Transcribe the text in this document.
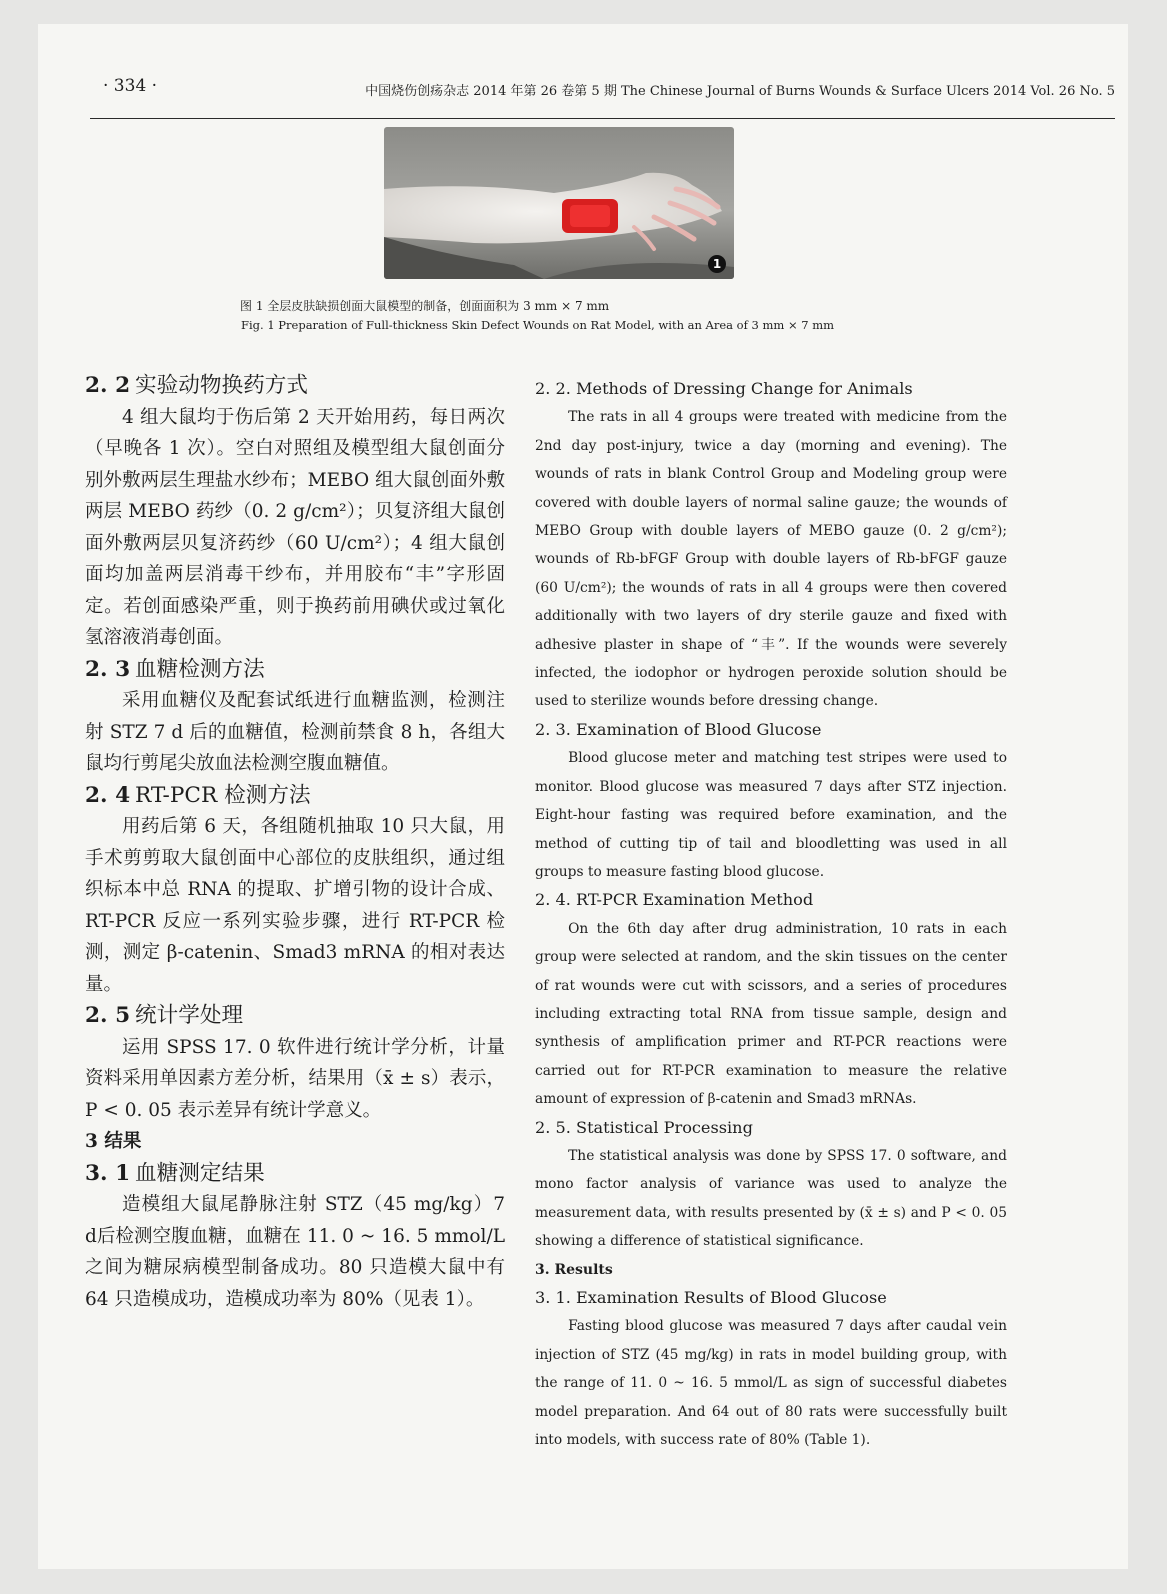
· 334 ·	中国烧伤创疡杂志 2014 年第 26 卷第 5 期 The Chinese Journal of Burns Wounds & Surface Ulcers 2014 Vol. 26 No. 5
1
图 1 全层皮肤缺损创面大鼠模型的制备，创面面积为 3 mm × 7 mm
Fig. 1 Preparation of Full-thickness Skin Defect Wounds on Rat Model, with an Area of 3 mm × 7 mm
2. 2 实验动物换药方式

4 组大鼠均于伤后第 2 天开始用药，每日两次（早晚各 1 次）。空白对照组及模型组大鼠创面分别外敷两层生理盐水纱布；MEBO 组大鼠创面外敷两层 MEBO 药纱（0. 2 g/cm²）；贝复济组大鼠创面外敷两层贝复济药纱（60 U/cm²）；4 组大鼠创面均加盖两层消毒干纱布，并用胶布“丰”字形固定。若创面感染严重，则于换药前用碘伏或过氧化氢溶液消毒创面。

2. 3 血糖检测方法

采用血糖仪及配套试纸进行血糖监测，检测注射 STZ 7 d 后的血糖值，检测前禁食 8 h，各组大鼠均行剪尾尖放血法检测空腹血糖值。

2. 4 RT-PCR 检测方法

用药后第 6 天，各组随机抽取 10 只大鼠，用手术剪剪取大鼠创面中心部位的皮肤组织，通过组织标本中总 RNA 的提取、扩增引物的设计合成、RT-PCR 反应一系列实验步骤，进行 RT-PCR 检测，测定 β-catenin、Smad3 mRNA 的相对表达量。

2. 5 统计学处理

运用 SPSS 17. 0 软件进行统计学分析，计量资料采用单因素方差分析，结果用（x̄ ± s）表示，P < 0. 05 表示差异有统计学意义。

3 结果
3. 1 血糖测定结果

造模组大鼠尾静脉注射 STZ（45 mg/kg）7 d后检测空腹血糖，血糖在 11. 0 ~ 16. 5 mmol/L 之间为糖尿病模型制备成功。80 只造模大鼠中有 64 只造模成功，造模成功率为 80%（见表 1）。

2. 2. Methods of Dressing Change for Animals

The rats in all 4 groups were treated with medicine from the 2nd day post-injury, twice a day (morning and evening). The wounds of rats in blank Control Group and Modeling group were covered with double layers of normal saline gauze; the wounds of MEBO Group with double layers of MEBO gauze (0. 2 g/cm²); wounds of Rb-bFGF Group with double layers of Rb-bFGF gauze (60 U/cm²); the wounds of rats in all 4 groups were then covered additionally with two layers of dry sterile gauze and fixed with adhesive plaster in shape of “丰”. If the wounds were severely infected, the iodophor or hydrogen peroxide solution should be used to sterilize wounds before dressing change.

2. 3. Examination of Blood Glucose

Blood glucose meter and matching test stripes were used to monitor. Blood glucose was measured 7 days after STZ injection. Eight-hour fasting was required before examination, and the method of cutting tip of tail and bloodletting was used in all groups to measure fasting blood glucose.

2. 4. RT-PCR Examination Method

On the 6th day after drug administration, 10 rats in each group were selected at random, and the skin tissues on the center of rat wounds were cut with scissors, and a series of procedures including extracting total RNA from tissue sample, design and synthesis of amplification primer and RT-PCR reactions were carried out for RT-PCR examination to measure the relative amount of expression of β-catenin and Smad3 mRNAs.

2. 5. Statistical Processing

The statistical analysis was done by SPSS 17. 0 software, and mono factor analysis of variance was used to analyze the measurement data, with results presented by (x̄ ± s) and P < 0. 05 showing a difference of statistical significance.

3. Results
3. 1. Examination Results of Blood Glucose

Fasting blood glucose was measured 7 days after caudal vein injection of STZ (45 mg/kg) in rats in model building group, with the range of 11. 0 ~ 16. 5 mmol/L as sign of successful diabetes model preparation. And 64 out of 80 rats were successfully built into models, with success rate of 80% (Table 1).
